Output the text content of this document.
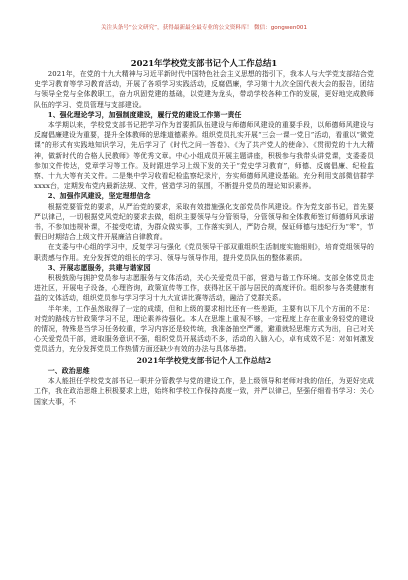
关注头条号“公文研究”，获得最新最全最专业的公文资料库！ 微信：gongwen001
2021年学校党支部书记个人工作总结1

2021年，在党的十九大精神与习近平新时代中国特色社会主义思想的指引下，我本人与大学党支部结合党史学习教育等学习教育活动，开展了各项学习实践活动，反腐倡廉，学习第十九次全国代表大会的报告，团结与领导全党与全体教职工，奋力巩固党建的基础，以党建为龙头，带动学校各种工作的发展，更好地完成教师队伍的学习、党员管理与支部建设。

1、强化理论学习，加强制度建设，履行党的建设工作第一责任

本学期以来，学校党支部书记把学习作为首要抓队伍建设与师德师风建设的重要手段，以师德师风建设与反腐倡廉建设为重要，提升全体教师的思维道德素养。组织党员扎实开展“三会一课一党日”活动，看重以“微党课”的形式有实践地知识学习，先后学习了《时代之问一答卷》、《为了共产党人的使命》、《贯彻党的十九大精神，做新时代的合格人民教师》等优秀文章。中心小组成员开展主题讲座，积极参与我带头讲党课，支委委员参加文件传达，党章学习等工作。及时跟进学习上级下发的关于“党史学习教育”，师德、反腐倡廉、纪检监察、十九大等有关文件。二是集中学习收看纪检监察纪录片，夯实师德师风建设基础。充分利用支部微信群学xxxx台，定期发布党内最新法规、文件，营造学习的氛围，不断提升党员的理论知识素养。

2、加强作风建设，坚定理想信念

根据党要管党的要求，从严治党的要求，采取有效措施强化支部党员作风建设。作为党支部书记，首先要严以律己，一切根据党风党纪的要求去做，组织主要领导与分管领导，分管领导和全体教师签订师德师风承诺书，不参加违规补课，不接受吃请，为群众做实事，工作落实到人，严防合规，保证师德与违纪行为“零”，节假日时期结合上级文件开展廉洁自律教育。

在支委与中心组的学习中，反复学习与强化《党员领导干部双重组织生活制度实施细则》，培育党组领导的职责感与作用。充分发挥党的组长的学习、领导与领导作用，提升党员队伍的整体素质。

3、开展志愿服务，共建与谐家园

积极鼓励与拥护党员参与志愿服务与文体活动，关心关爱党员干部，营造与谐工作环境。支部全体党员走进社区，开展电子设备，心理咨询，政策宣传等工作，获得社区干部与居民的高度评价。组织参与各类健康有益的文体活动，组织党员参与学习学习十九大宣讲比赛等活动，融洽了党群关系。

半年来，工作虽然取得了一定的成绩，但和上级的要求相比还有一些差距，主要有以下几个方面的不足：对党的路线方针政策学习不足，理论素养待强化。本人在思维上重视不够，一定程度上存在重业务轻党的建设的情况，特殊是当学习任务较重，学习内容还是较传统，我准备抽空严谨，避重就轻思维方式为出，自己对关心关爱党员干部，进取服务意识不强，组织党员开展活动不多，活动的入脑入心，卓有成效不足：对如何激发党员活力，充分发挥党员工作热情方面还缺少有效的办法与具体举措。

2021年学校党支部书记个人工作总结2

一、政治思维

本人能担任学校党支部书记一职并分管教学与党的建设工作，是上级领导和老师对我的信任，为更好完成工作，我在政治思维上积极要求上进，始终和学校工作保持高度一致，并严以律己，坚强仔细看书学习：关心国家大事，不
